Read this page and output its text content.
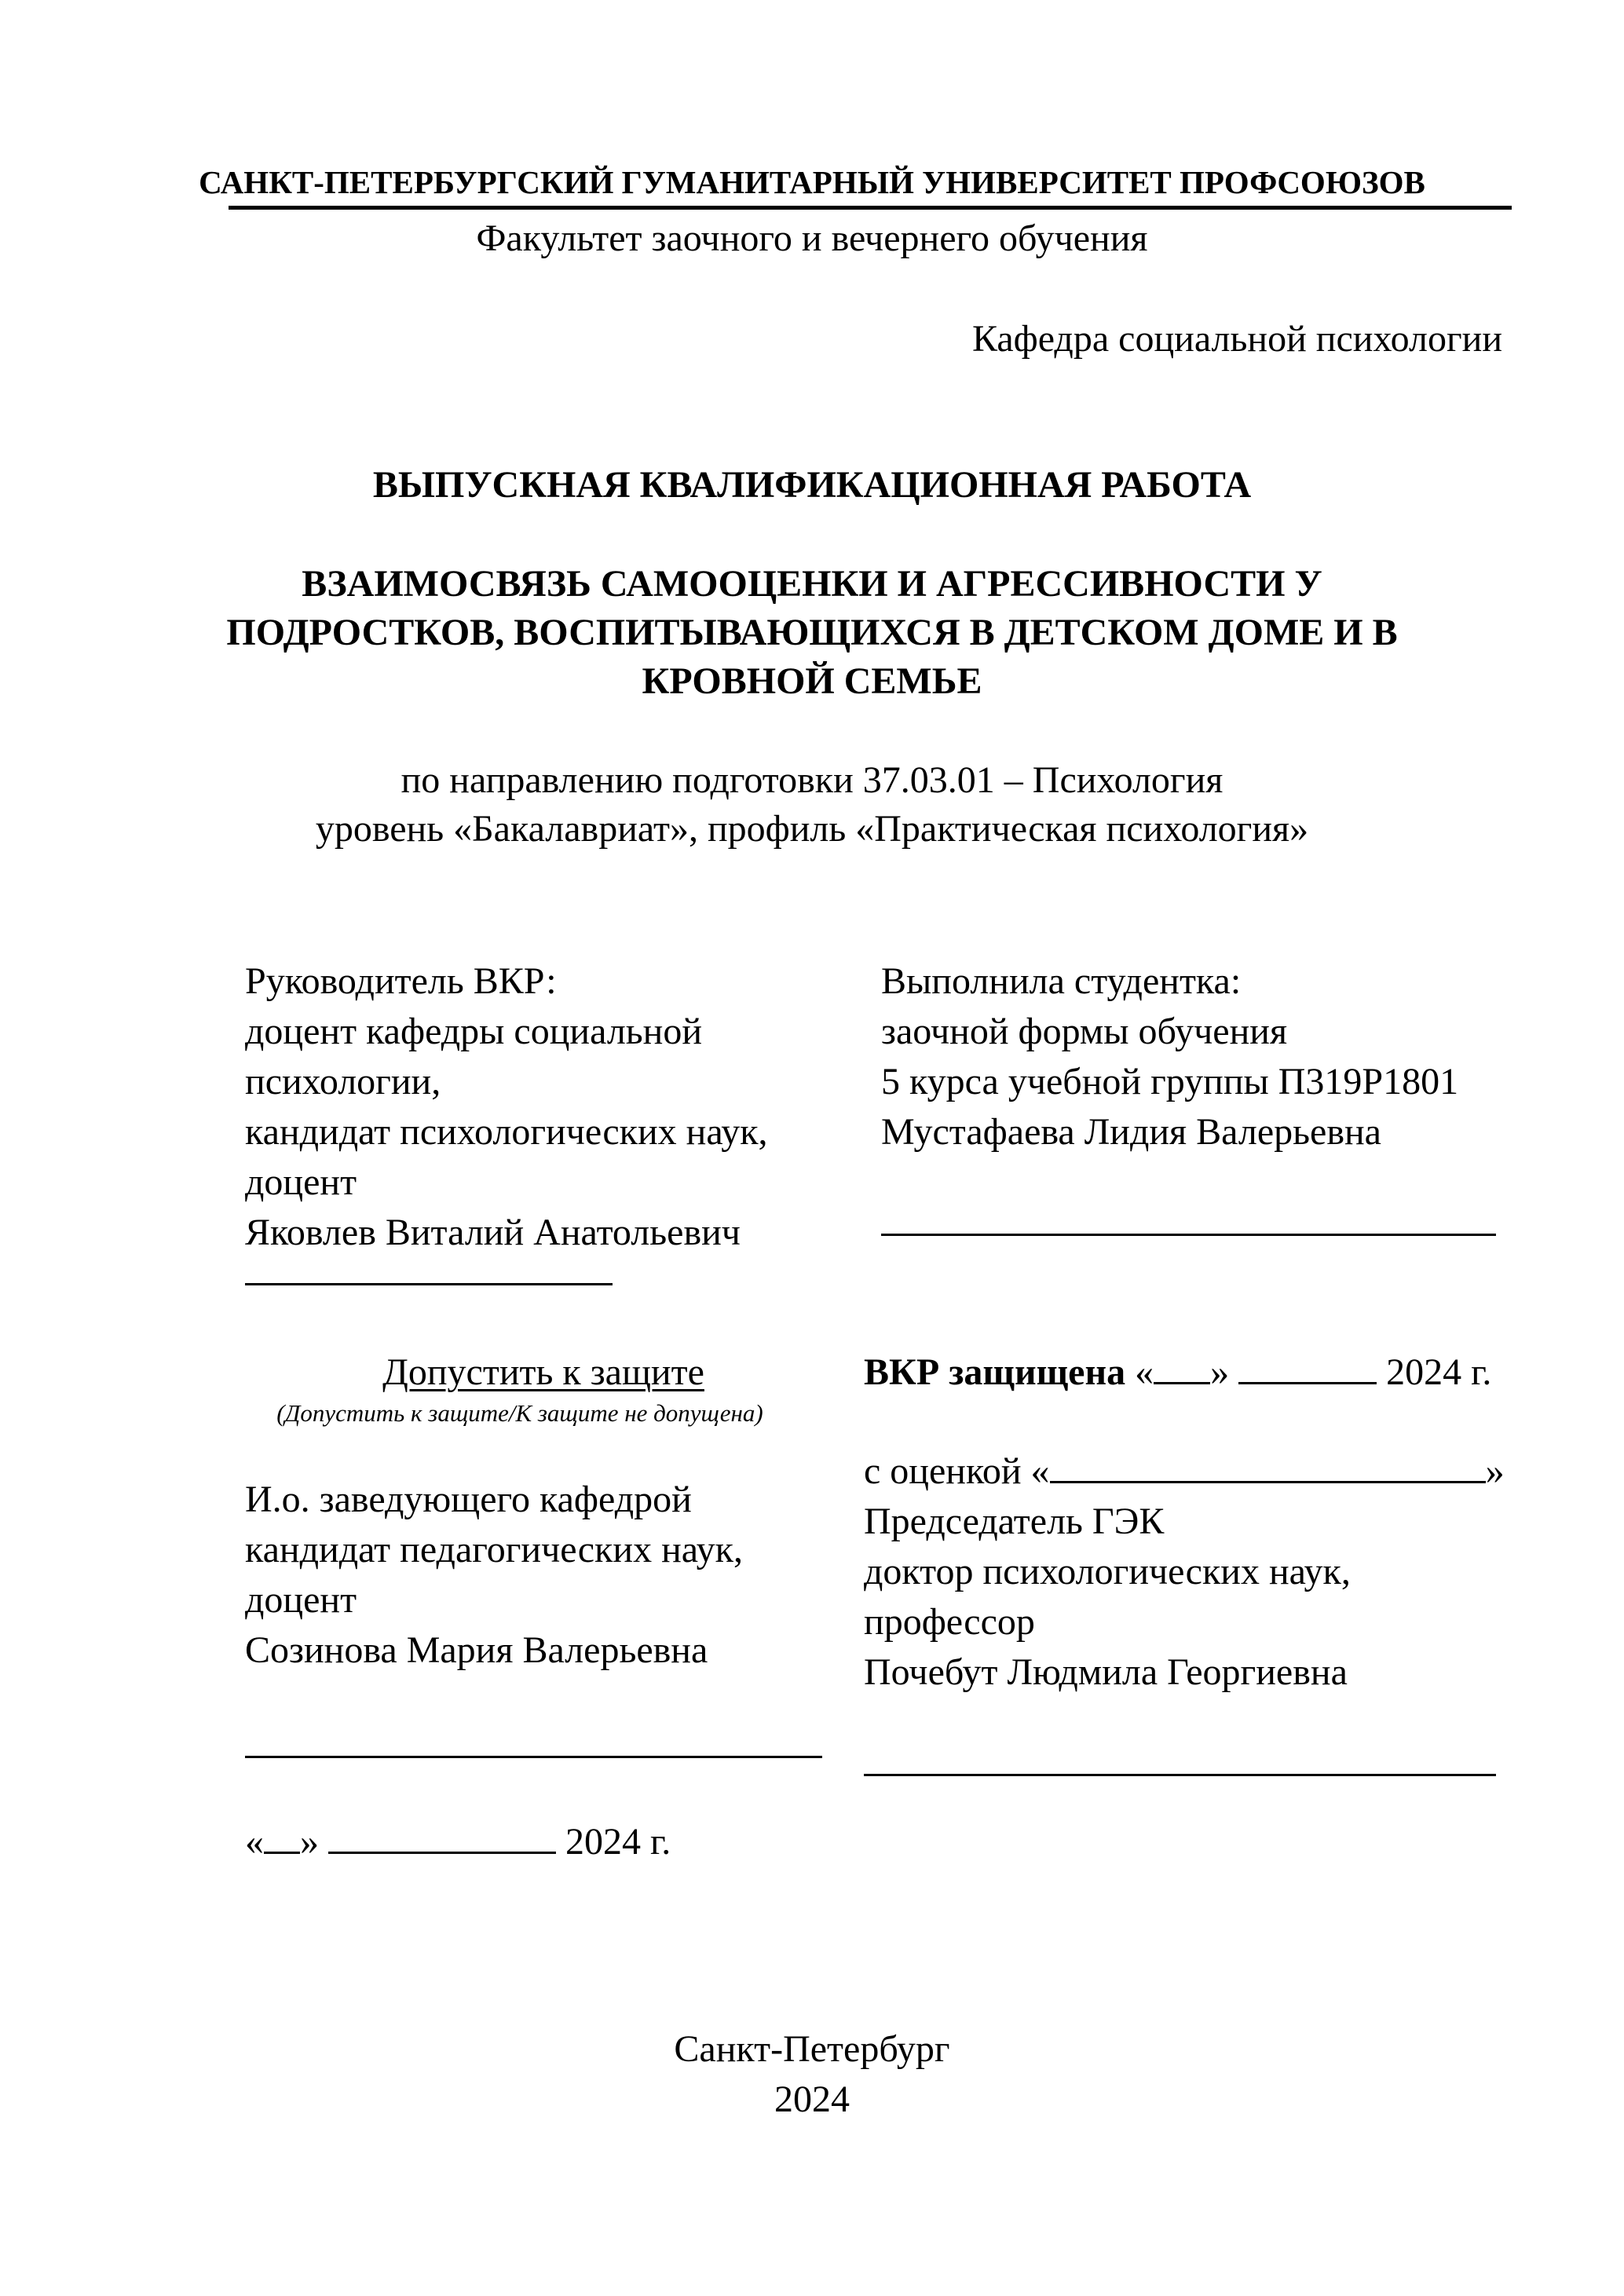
САНКТ-ПЕТЕРБУРГСКИЙ ГУМАНИТАРНЫЙ УНИВЕРСИТЕТ ПРОФСОЮЗОВ
Факультет заочного и вечернего обучения
Кафедра социальной психологии
ВЫПУСКНАЯ КВАЛИФИКАЦИОННАЯ РАБОТА
ВЗАИМОСВЯЗЬ САМООЦЕНКИ И АГРЕССИВНОСТИ У
ПОДРОСТКОВ, ВОСПИТЫВАЮЩИХСЯ В ДЕТСКОМ ДОМЕ И В
КРОВНОЙ СЕМЬЕ
по направлению подготовки 37.03.01 – Психология
уровень «Бакалавриат», профиль «Практическая психология»
Руководитель ВКР:
доцент кафедры социальной
психологии,
кандидат психологических наук,
доцент
Яковлев Виталий Анатольевич
Выполнила студентка:
заочной формы обучения
5 курса учебной группы П319Р1801
Мустафаева Лидия Валерьевна
Допустить к защите
(Допустить к защите/К защите не допущена)
И.о. заведующего кафедрой
кандидат педагогических наук,
доцент
Созинова Мария Валерьевна
« »	2024 г.
ВКР защищена « »	2024 г.
с оценкой «	»
Председатель ГЭК
доктор психологических наук,
профессор
Почебут Людмила Георгиевна
Санкт-Петербург
2024
